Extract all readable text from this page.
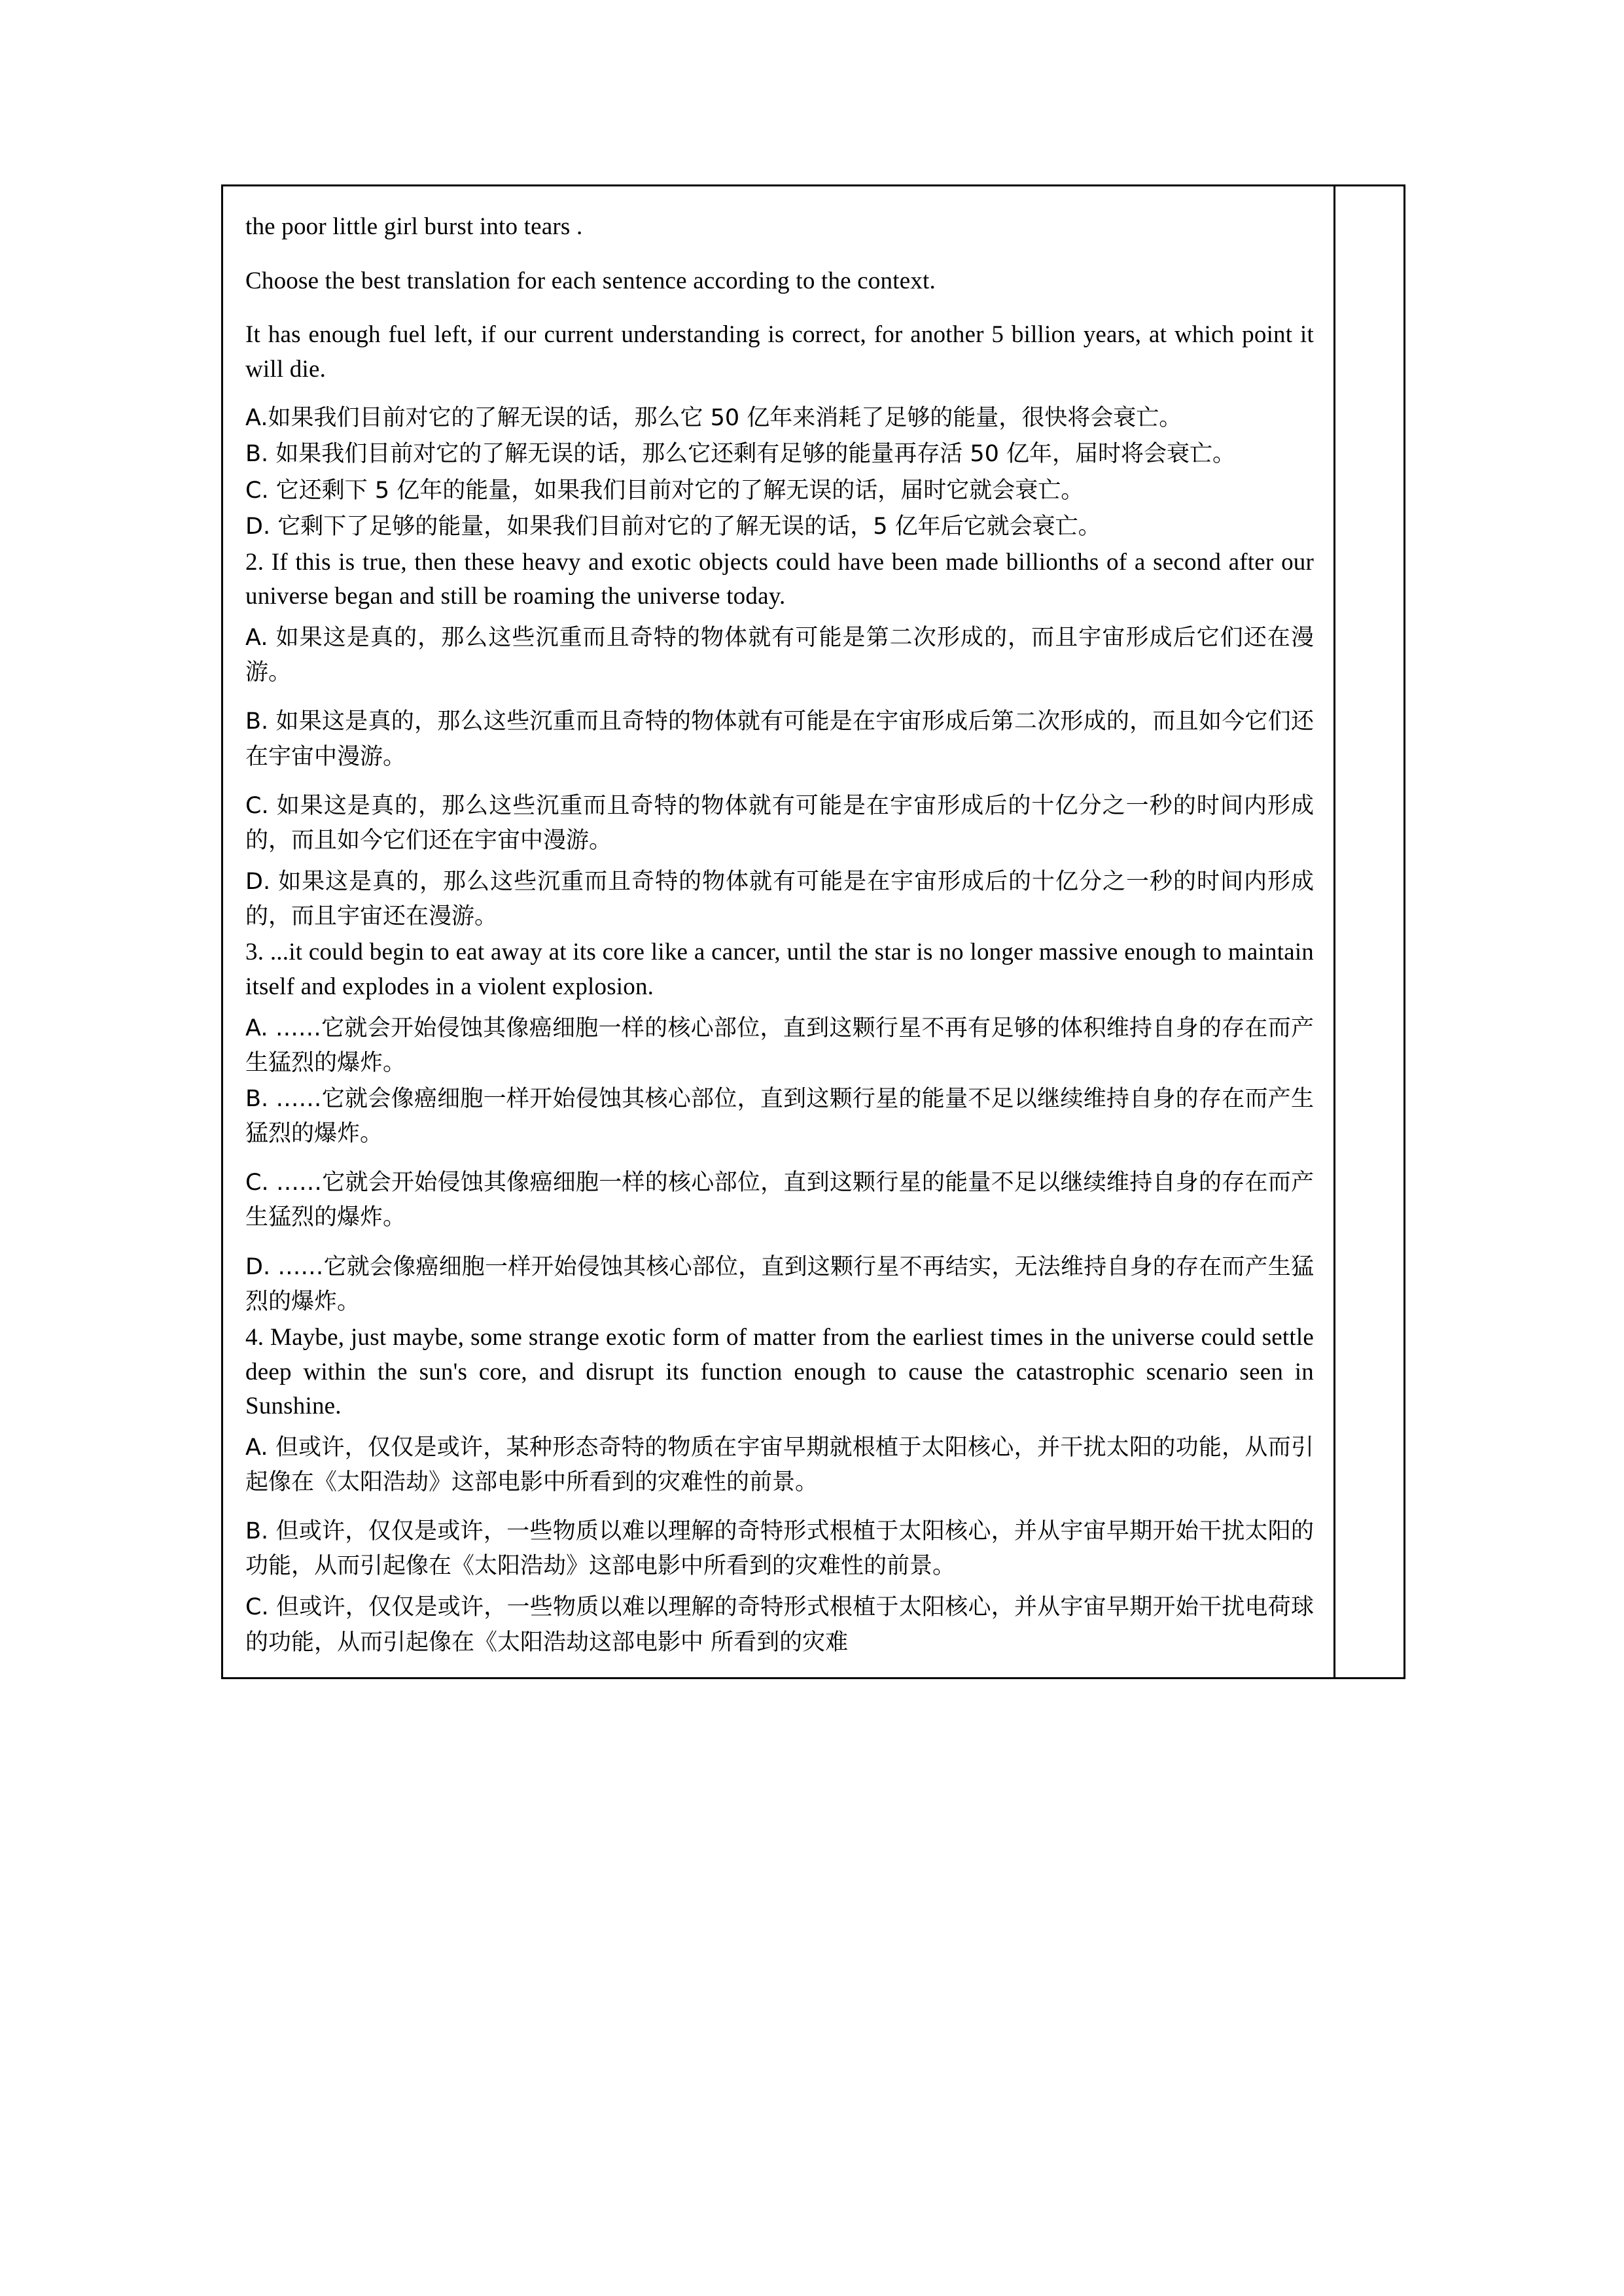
the poor little girl burst into tears .

Choose the best translation for each sentence according to the context.

It has enough fuel left, if our current understanding is correct, for another 5 billion years, at which point it will die.

A.如果我们目前对它的了解无误的话，那么它 50 亿年来消耗了足够的能量，很快将会衰亡。

B. 如果我们目前对它的了解无误的话，那么它还剩有足够的能量再存活 50 亿年，届时将会衰亡。

C. 它还剩下 5 亿年的能量，如果我们目前对它的了解无误的话，届时它就会衰亡。

D. 它剩下了足够的能量，如果我们目前对它的了解无误的话，5 亿年后它就会衰亡。

2. If this is true, then these heavy and exotic objects could have been made billionths of a second after our universe began and still be roaming the universe today.

A. 如果这是真的，那么这些沉重而且奇特的物体就有可能是第二次形成的，而且宇宙形成后它们还在漫游。

B. 如果这是真的，那么这些沉重而且奇特的物体就有可能是在宇宙形成后第二次形成的，而且如今它们还在宇宙中漫游。

C. 如果这是真的，那么这些沉重而且奇特的物体就有可能是在宇宙形成后的十亿分之一秒的时间内形成的，而且如今它们还在宇宙中漫游。

D. 如果这是真的，那么这些沉重而且奇特的物体就有可能是在宇宙形成后的十亿分之一秒的时间内形成的，而且宇宙还在漫游。

3. ...it could begin to eat away at its core like a cancer, until the star is no longer massive enough to maintain itself and explodes in a violent explosion.

A. ……它就会开始侵蚀其像癌细胞一样的核心部位，直到这颗行星不再有足够的体积维持自身的存在而产生猛烈的爆炸。

B. ……它就会像癌细胞一样开始侵蚀其核心部位，直到这颗行星的能量不足以继续维持自身的存在而产生猛烈的爆炸。

C. ……它就会开始侵蚀其像癌细胞一样的核心部位，直到这颗行星的能量不足以继续维持自身的存在而产生猛烈的爆炸。

D. ……它就会像癌细胞一样开始侵蚀其核心部位，直到这颗行星不再结实，无法维持自身的存在而产生猛烈的爆炸。

4. Maybe, just maybe, some strange exotic form of matter from the earliest times in the universe could settle deep within the sun's core, and disrupt its function enough to cause the catastrophic scenario seen in Sunshine.

A. 但或许，仅仅是或许，某种形态奇特的物质在宇宙早期就根植于太阳核心，并干扰太阳的功能，从而引起像在《太阳浩劫》这部电影中所看到的灾难性的前景。

B. 但或许，仅仅是或许，一些物质以难以理解的奇特形式根植于太阳核心，并从宇宙早期开始干扰太阳的功能，从而引起像在《太阳浩劫》这部电影中所看到的灾难性的前景。

C. 但或许，仅仅是或许，一些物质以难以理解的奇特形式根植于太阳核心，并从宇宙早期开始干扰电荷球的功能，从而引起像在《太阳浩劫这部电影中 所看到的灾难
